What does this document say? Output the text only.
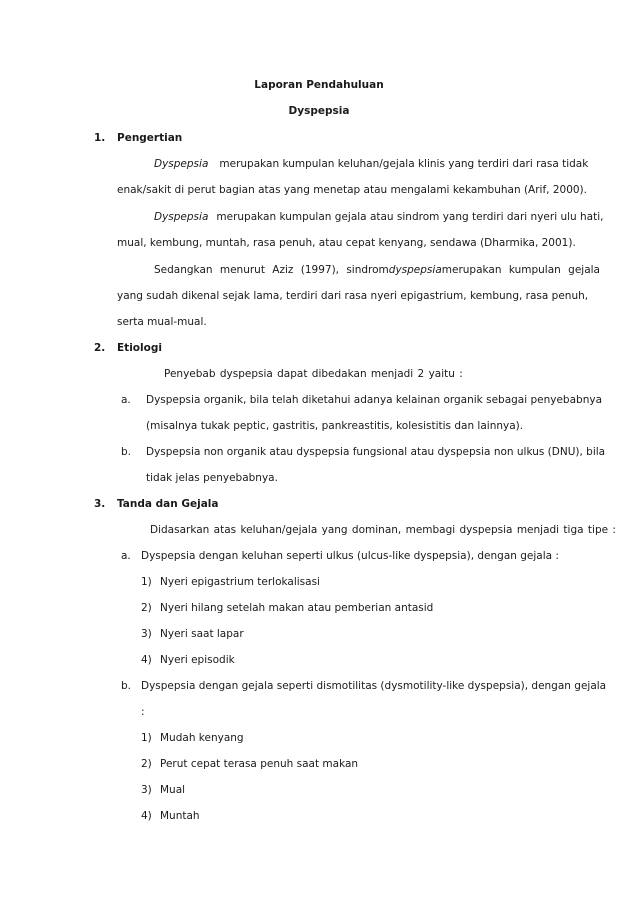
Laporan Pendahuluan
Dyspepsia
1. Pengertian
Dyspepsia merupakan kumpulan keluhan/gejala klinis yang terdiri dari rasa tidak
enak/sakit di perut bagian atas yang menetap atau mengalami kekambuhan (Arif, 2000).
Dyspepsia merupakan kumpulan gejala atau sindrom yang terdiri dari nyeri ulu hati,
mual, kembung, muntah, rasa penuh, atau cepat kenyang, sendawa (Dharmika, 2001).
Sedangkan menurut Aziz (1997), sindrom dyspepsia merupakan kumpulan gejala
yang sudah dikenal sejak lama, terdiri dari rasa nyeri epigastrium, kembung, rasa penuh,
serta mual-mual.
2. Etiologi
Penyebab dyspepsia dapat dibedakan menjadi 2 yaitu :
a. Dyspepsia organik, bila telah diketahui adanya kelainan organik sebagai penyebabnya
(misalnya tukak peptic, gastritis, pankreastitis, kolesistitis dan lainnya).
b. Dyspepsia non organik atau dyspepsia fungsional atau dyspepsia non ulkus (DNU), bila
tidak jelas penyebabnya.
3. Tanda dan Gejala
Didasarkan atas keluhan/gejala yang dominan, membagi dyspepsia menjadi tiga tipe :
a. Dyspepsia dengan keluhan seperti ulkus (ulcus-like dyspepsia), dengan gejala :
1) Nyeri epigastrium terlokalisasi
2) Nyeri hilang setelah makan atau pemberian antasid
3) Nyeri saat lapar
4) Nyeri episodik
b. Dyspepsia dengan gejala seperti dismotilitas (dysmotility-like dyspepsia), dengan gejala
:
1) Mudah kenyang
2) Perut cepat terasa penuh saat makan
3) Mual
4) Muntah
